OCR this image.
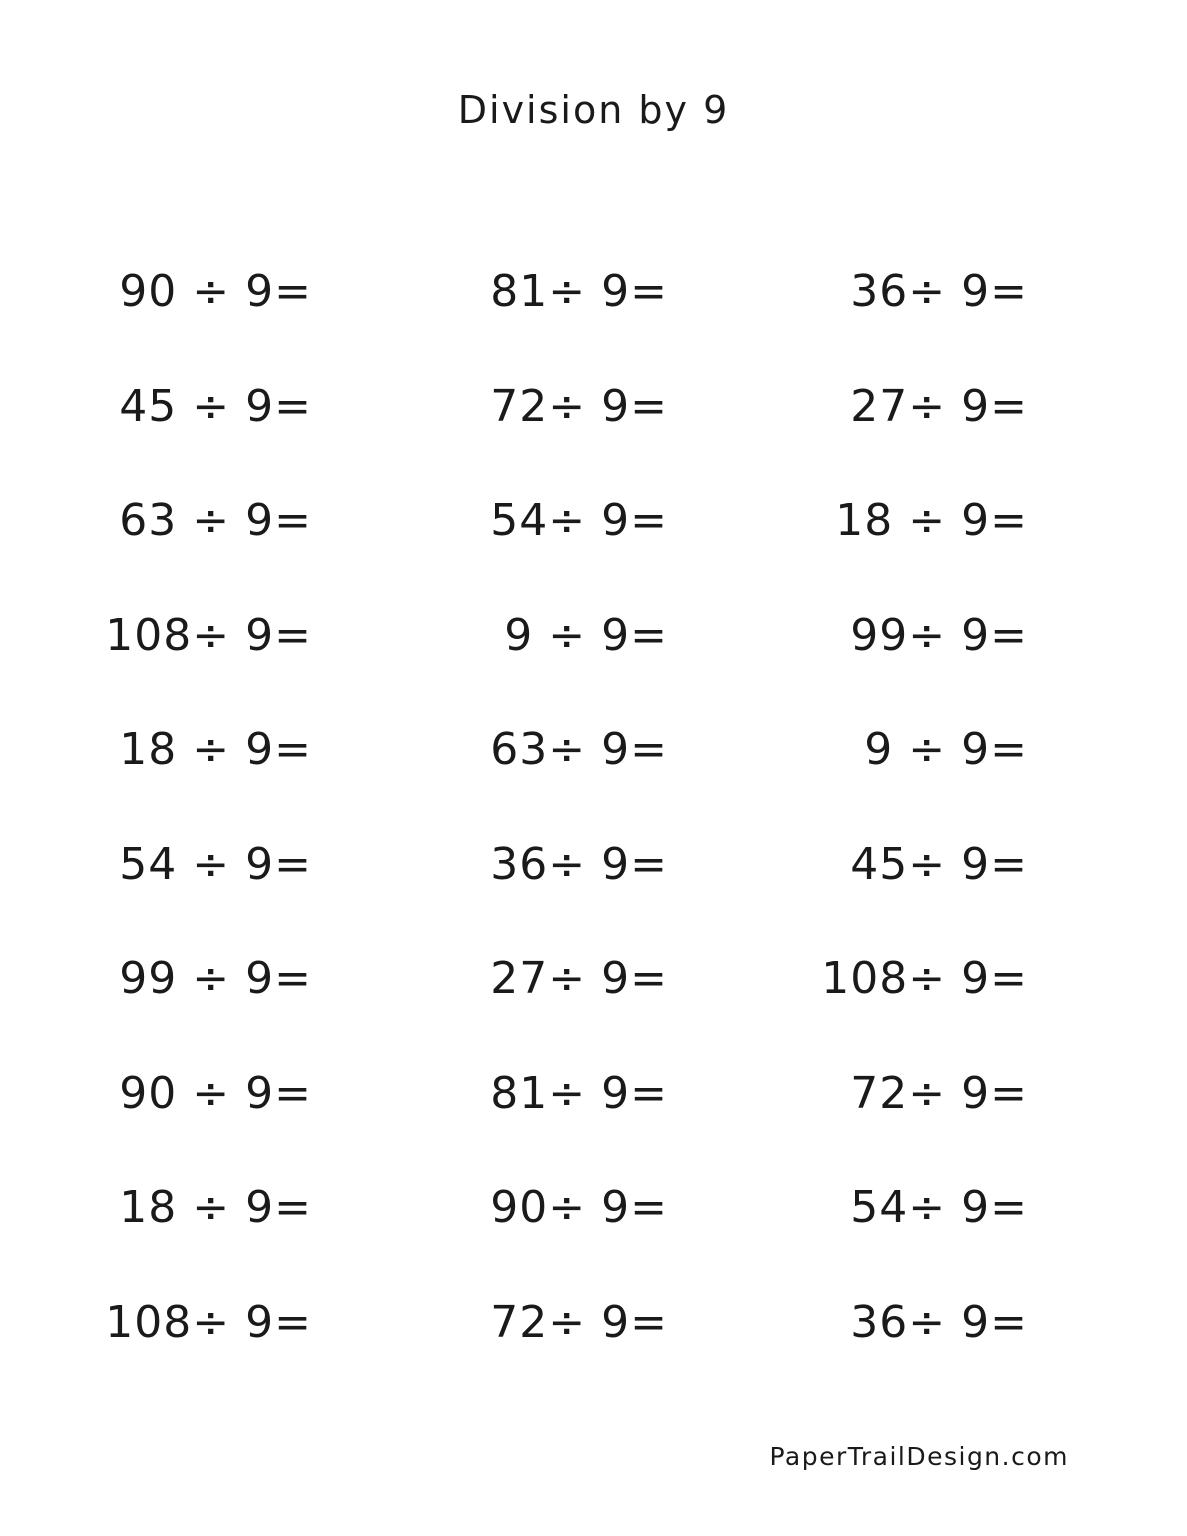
Division by 9
90 ÷ 9=	81÷ 9=	36÷ 9=
45 ÷ 9=	72÷ 9=	27÷ 9=
63 ÷ 9=	54÷ 9=	18 ÷ 9=
108÷ 9=	9 ÷ 9=	99÷ 9=
18 ÷ 9=	63÷ 9=	9 ÷ 9=
54 ÷ 9=	36÷ 9=	45÷ 9=
99 ÷ 9=	27÷ 9=	108÷ 9=
90 ÷ 9=	81÷ 9=	72÷ 9=
18 ÷ 9=	90÷ 9=	54÷ 9=
108÷ 9=	72÷ 9=	36÷ 9=
PaperTrailDesign.com
